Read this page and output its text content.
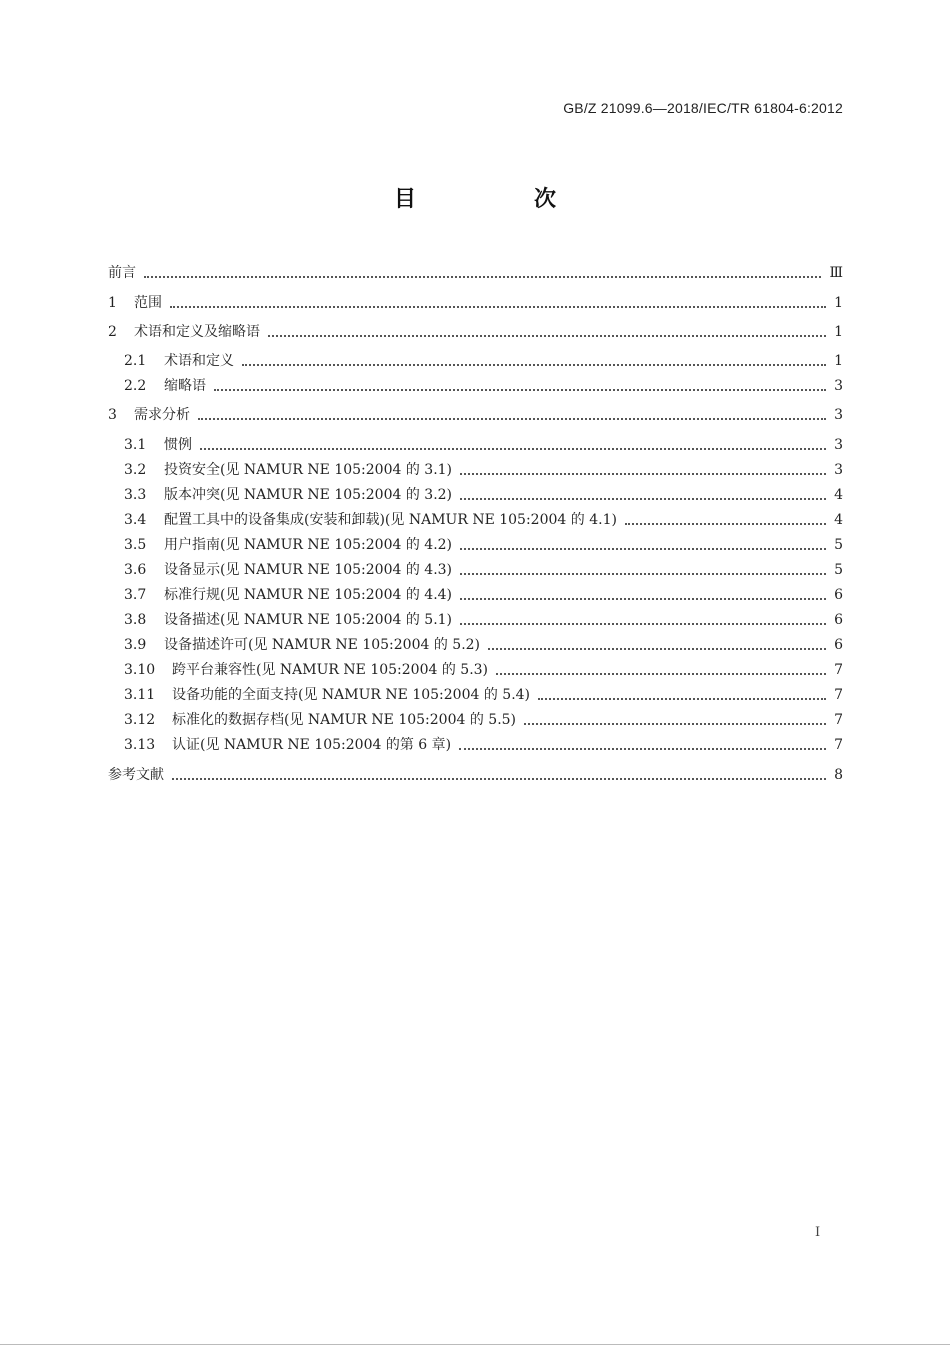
GB/Z 21099.6—2018/IEC/TR 61804-6:2012
目　次
前言	Ⅲ
1	范围	1
2	术语和定义及缩略语	1
2.1	术语和定义	1
2.2	缩略语	3
3	需求分析	3
3.1	惯例	3
3.2	投资安全(见 NAMUR NE 105:2004 的 3.1)	3
3.3	版本冲突(见 NAMUR NE 105:2004 的 3.2)	4
3.4	配置工具中的设备集成(安装和卸载)(见 NAMUR NE 105:2004 的 4.1)	4
3.5	用户指南(见 NAMUR NE 105:2004 的 4.2)	5
3.6	设备显示(见 NAMUR NE 105:2004 的 4.3)	5
3.7	标准行规(见 NAMUR NE 105:2004 的 4.4)	6
3.8	设备描述(见 NAMUR NE 105:2004 的 5.1)	6
3.9	设备描述许可(见 NAMUR NE 105:2004 的 5.2)	6
3.10	跨平台兼容性(见 NAMUR NE 105:2004 的 5.3)	7
3.11	设备功能的全面支持(见 NAMUR NE 105:2004 的 5.4)	7
3.12	标准化的数据存档(见 NAMUR NE 105:2004 的 5.5)	7
3.13	认证(见 NAMUR NE 105:2004 的第 6 章)	7
参考文献	8
I
